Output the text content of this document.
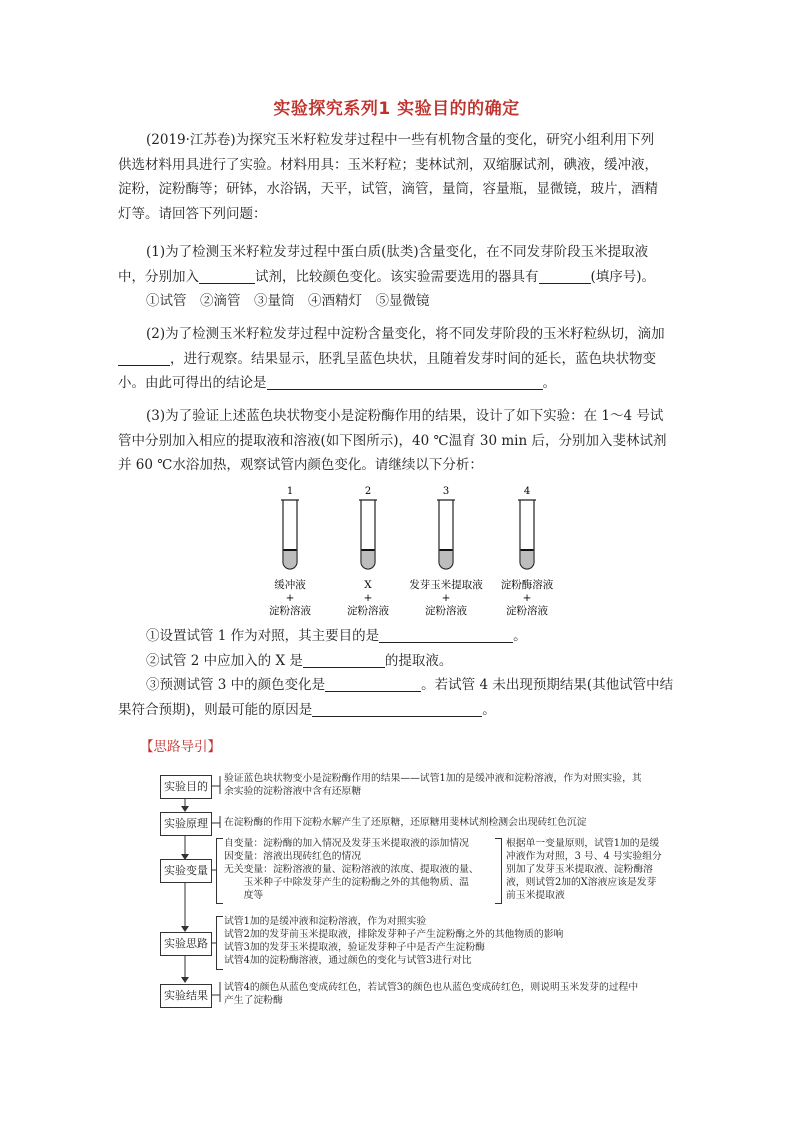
实验探究系列1 实验目的的确定
(2019·江苏卷)为探究玉米籽粒发芽过程中一些有机物含量的变化，研究小组利用下列
供选材料用具进行了实验。材料用具：玉米籽粒；斐林试剂，双缩脲试剂，碘液，缓冲液，
淀粉，淀粉酶等；研钵，水浴锅，天平，试管，滴管，量筒，容量瓶，显微镜，玻片，酒精
灯等。请回答下列问题：
(1)为了检测玉米籽粒发芽过程中蛋白质(肽类)含量变化，在不同发芽阶段玉米提取液
中，分别加入	试剂，比较颜色变化。该实验需要选用的器具有	(填序号)。
①试管　②滴管　③量筒　④酒精灯　⑤显微镜
(2)为了检测玉米籽粒发芽过程中淀粉含量变化，将不同发芽阶段的玉米籽粒纵切，滴加
，进行观察。结果显示，胚乳呈蓝色块状，且随着发芽时间的延长，蓝色块状物变
小。由此可得出的结论是	。
(3)为了验证上述蓝色块状物变小是淀粉酶作用的结果，设计了如下实验：在 1～4 号试
管中分别加入相应的提取液和溶液(如下图所示)，40 ℃温育 30 min 后，分别加入斐林试剂
并 60 ℃水浴加热，观察试管内颜色变化。请继续以下分析：
1	2	3	4
缓冲液
+
淀粉溶液
X
+
淀粉溶液
发芽玉米提取液
+
淀粉溶液
淀粉酶溶液
+
淀粉溶液
①设置试管 1 作为对照，其主要目的是	。
②试管 2 中应加入的 X 是	的提取液。
③预测试管 3 中的颜色变化是	。若试管 4 未出现预期结果(其他试管中结
果符合预期)，则最可能的原因是	。
【思路导引】
实验目的
验证蓝色块状物变小是淀粉酶作用的结果——试管1加的是缓冲液和淀粉溶液，作为对照实验，其
余实验的淀粉溶液中含有还原糖
实验原理	在淀粉酶的作用下淀粉水解产生了还原糖，还原糖用斐林试剂检测会出现砖红色沉淀
实验变量
自变量：淀粉酶的加入情况及发芽玉米提取液的添加情况
因变量：溶液出现砖红色的情况
无关变量：淀粉溶液的量、淀粉溶液的浓度、提取液的量、
　　玉米种子中除发芽产生的淀粉酶之外的其他物质、温
　　度等
根据单一变量原则，试管1加的是缓
冲液作为对照，3 号、4 号实验组分
别加了发芽玉米提取液、淀粉酶溶
液，则试管2加的X溶液应该是发芽
前玉米提取液
实验思路
试管1加的是缓冲液和淀粉溶液，作为对照实验
试管2加的发芽前玉米提取液，排除发芽种子产生淀粉酶之外的其他物质的影响
试管3加的发芽玉米提取液，验证发芽种子中是否产生淀粉酶
试管4加的淀粉酶溶液，通过颜色的变化与试管3进行对比
实验结果
试管4的颜色从蓝色变成砖红色，若试管3的颜色也从蓝色变成砖红色，则说明玉米发芽的过程中
产生了淀粉酶
